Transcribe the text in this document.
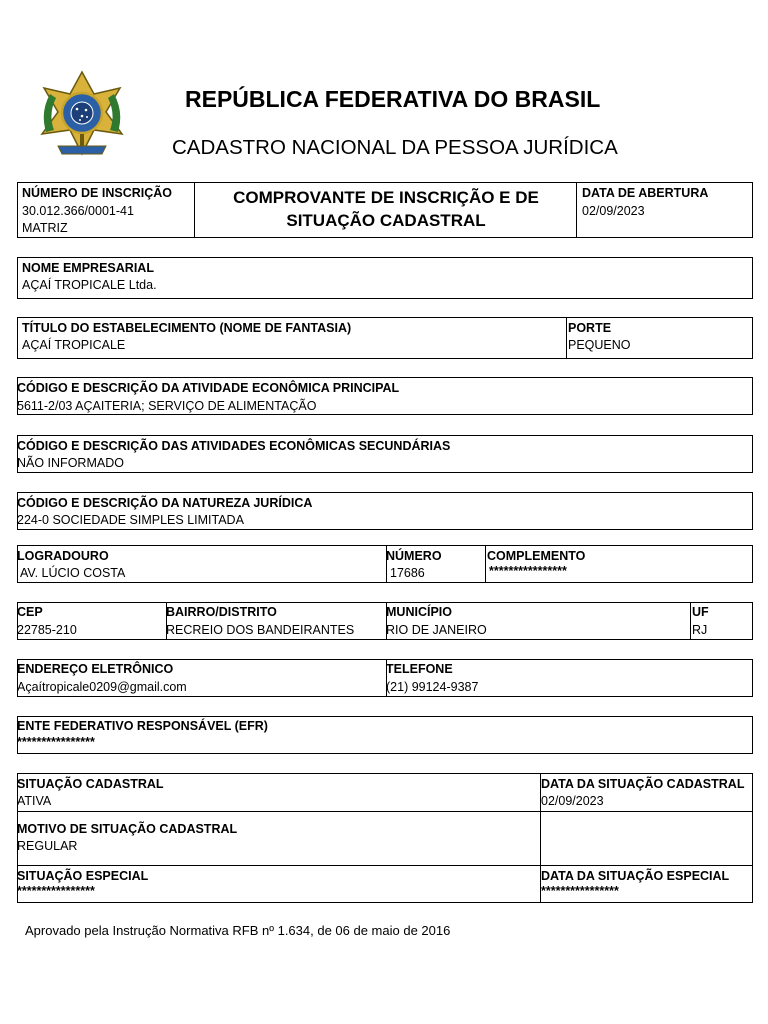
REPÚBLICA FEDERATIVA DO BRASIL
CADASTRO NACIONAL DA PESSOA JURÍDICA
NÚMERO DE INSCRIÇÃO
30.012.366/0001-41
MATRIZ
COMPROVANTE DE INSCRIÇÃO E DE
SITUAÇÃO CADASTRAL
DATA DE ABERTURA
02/09/2023
NOME EMPRESARIAL
AÇAÍ TROPICALE Ltda.
TÍTULO DO ESTABELECIMENTO (NOME DE FANTASIA)
AÇAÍ TROPICALE
PORTE
PEQUENO
CÓDIGO E DESCRIÇÃO DA ATIVIDADE ECONÔMICA PRINCIPAL
5611-2/03 AÇAITERIA; SERVIÇO DE ALIMENTAÇÃO
CÓDIGO E DESCRIÇÃO DAS ATIVIDADES ECONÔMICAS SECUNDÁRIAS
NÃO INFORMADO
CÓDIGO E DESCRIÇÃO DA NATUREZA JURÍDICA
224-0 SOCIEDADE SIMPLES LIMITADA
LOGRADOURO
AV. LÚCIO COSTA
NÚMERO
17686
COMPLEMENTO
****************
CEP
22785-210
BAIRRO/DISTRITO
RECREIO DOS BANDEIRANTES
MUNICÍPIO
RIO DE JANEIRO
UF
RJ
ENDEREÇO ELETRÔNICO
Açaítropicale0209@gmail.com
TELEFONE
(21) 99124-9387
ENTE FEDERATIVO RESPONSÁVEL (EFR)
****************
SITUAÇÃO CADASTRAL
ATIVA
DATA DA SITUAÇÃO CADASTRAL
02/09/2023
MOTIVO DE SITUAÇÃO CADASTRAL
REGULAR
SITUAÇÃO ESPECIAL
****************
DATA DA SITUAÇÃO ESPECIAL
****************
Aprovado pela Instrução Normativa RFB nº 1.634, de 06 de maio de 2016
